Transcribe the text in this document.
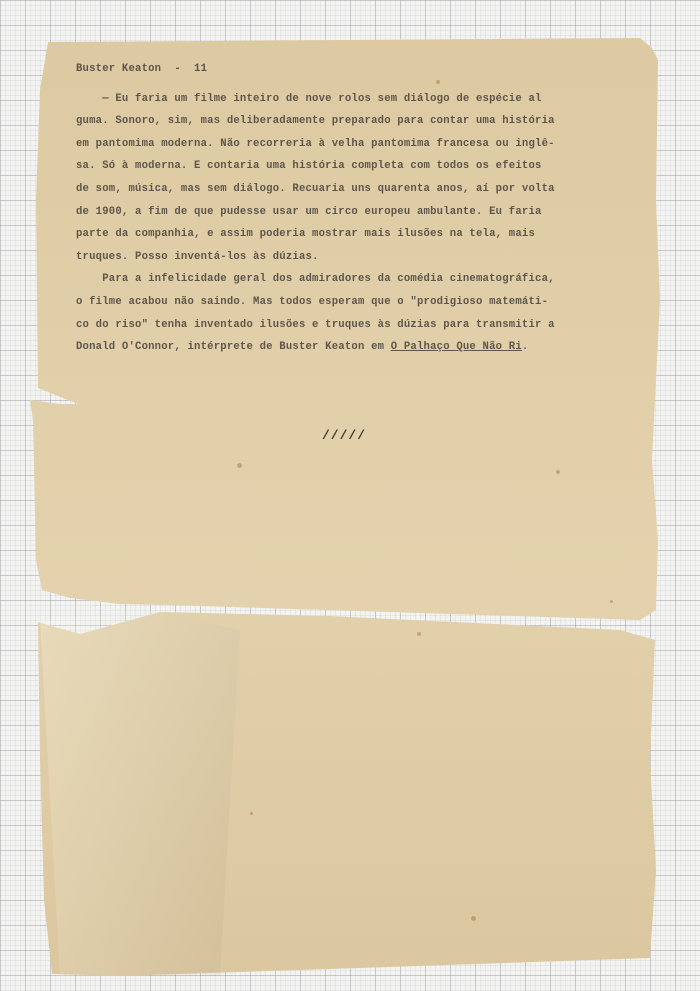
Buster Keaton  -  11
— Eu faria um filme inteiro de nove rolos sem diálogo de espécie al
guma. Sonoro, sim, mas deliberadamente preparado para contar uma história
em pantomima moderna. Não recorreria à velha pantomima francesa ou inglê-
sa. Só à moderna. E contaria uma história completa com todos os efeitos
de som, música, mas sem diálogo. Recuaria uns quarenta anos, aí por volta
de 1900, a fim de que pudesse usar um circo europeu ambulante. Eu faria
parte da companhia, e assim poderia mostrar mais ilusões na tela, mais
truques. Posso inventá-los às dúzias.
Para a infelicidade geral dos admiradores da comédia cinematográfica,
o filme acabou não saindo. Mas todos esperam que o "prodigioso matemáti-
co do riso" tenha inventado ilusões e truques às dúzias para transmitir a
Donald O'Connor, intérprete de Buster Keaton em O Palhaço Que Não Ri.
/////
